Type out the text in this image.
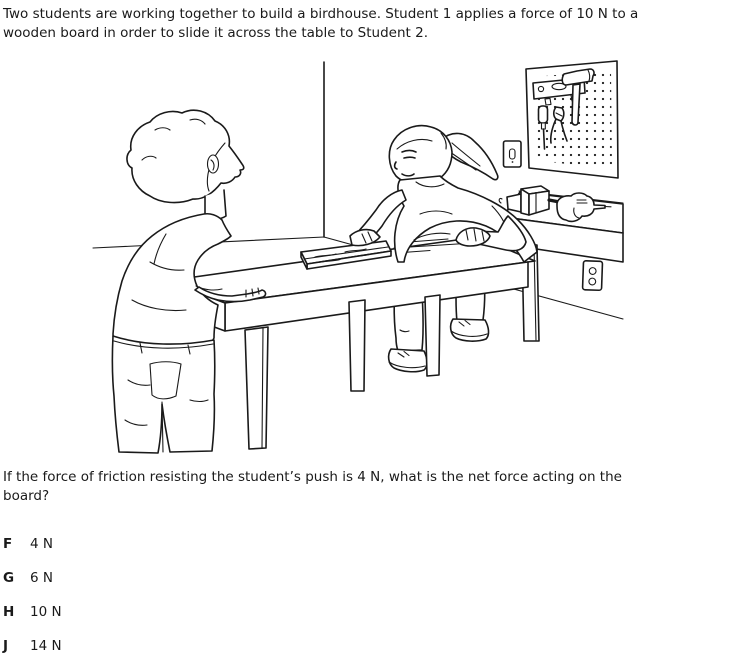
Two students are working together to build a birdhouse. Student 1 applies a force of 10 N to a
wooden board in order to slide it across the table to Student 2.

If the force of friction resisting the student’s push is 4 N, what is the net force acting on the
board?

F	4 N
G	6 N
H	10 N
J	14 N
